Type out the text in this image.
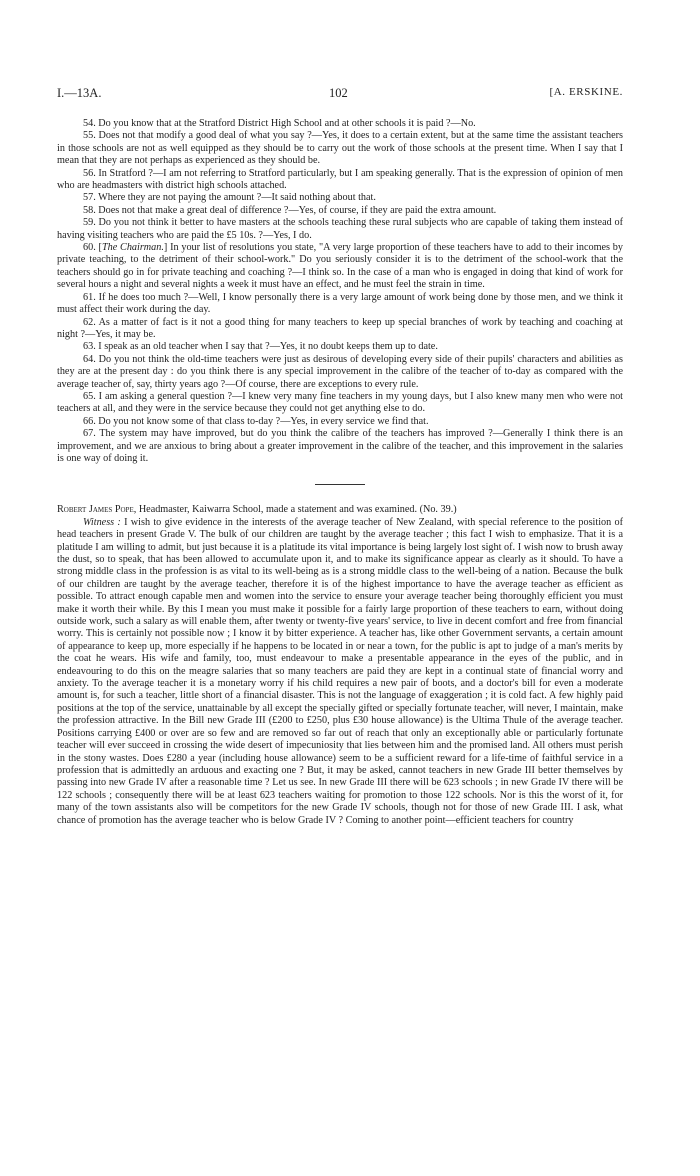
I.—13A.	102	[A. ERSKINE.

54. Do you know that at the Stratford District High School and at other schools it is paid ?—No.

55. Does not that modify a good deal of what you say ?—Yes, it does to a certain extent, but at the same time the assistant teachers in those schools are not as well equipped as they should be to carry out the work of those schools at the present time. When I say that I mean that they are not perhaps as experienced as they should be.

56. In Stratford ?—I am not referring to Stratford particularly, but I am speaking generally. That is the expression of opinion of men who are headmasters with district high schools attached.

57. Where they are not paying the amount ?—It said nothing about that.

58. Does not that make a great deal of difference ?—Yes, of course, if they are paid the extra amount.

59. Do you not think it better to have masters at the schools teaching these rural subjects who are capable of taking them instead of having visiting teachers who are paid the £5 10s. ?—Yes, I do.

60. [The Chairman.] In your list of resolutions you state, "A very large proportion of these teachers have to add to their incomes by private teaching, to the detriment of their school-work." Do you seriously consider it is to the detriment of the school-work that the teachers should go in for private teaching and coaching ?—I think so. In the case of a man who is engaged in doing that kind of work for several hours a night and several nights a week it must have an effect, and he must feel the strain in time.

61. If he does too much ?—Well, I know personally there is a very large amount of work being done by those men, and we think it must affect their work during the day.

62. As a matter of fact is it not a good thing for many teachers to keep up special branches of work by teaching and coaching at night ?—Yes, it may be.

63. I speak as an old teacher when I say that ?—Yes, it no doubt keeps them up to date.

64. Do you not think the old-time teachers were just as desirous of developing every side of their pupils' characters and abilities as they are at the present day : do you think there is any special improvement in the calibre of the teacher of to-day as compared with the average teacher of, say, thirty years ago ?—Of course, there are exceptions to every rule.

65. I am asking a general question ?—I knew very many fine teachers in my young days, but I also knew many men who were not teachers at all, and they were in the service because they could not get anything else to do.

66. Do you not know some of that class to-day ?—Yes, in every service we find that.

67. The system may have improved, but do you think the calibre of the teachers has improved ?—Generally I think there is an improvement, and we are anxious to bring about a greater improvement in the calibre of the teacher, and this improvement in the salaries is one way of doing it.

Robert James Pope, Headmaster, Kaiwarra School, made a statement and was examined. (No. 39.)

Witness : I wish to give evidence in the interests of the average teacher of New Zealand, with special reference to the position of head teachers in present Grade V. The bulk of our children are taught by the average teacher ; this fact I wish to emphasize. That it is a platitude I am willing to admit, but just because it is a platitude its vital importance is being largely lost sight of. I wish now to brush away the dust, so to speak, that has been allowed to accumulate upon it, and to make its significance appear as clearly as it should. To have a strong middle class in the profession is as vital to its well-being as is a strong middle class to the well-being of a nation. Because the bulk of our children are taught by the average teacher, therefore it is of the highest importance to have the average teacher as efficient as possible. To attract enough capable men and women into the service to ensure your average teacher being thoroughly efficient you must make it worth their while. By this I mean you must make it possible for a fairly large proportion of these teachers to earn, without doing outside work, such a salary as will enable them, after twenty or twenty-five years' service, to live in decent comfort and free from financial worry. This is certainly not possible now ; I know it by bitter experience. A teacher has, like other Government servants, a certain amount of appearance to keep up, more especially if he happens to be located in or near a town, for the public is apt to judge of a man's merits by the coat he wears. His wife and family, too, must endeavour to make a presentable appearance in the eyes of the public, and in endeavouring to do this on the meagre salaries that so many teachers are paid they are kept in a continual state of financial worry and anxiety. To the average teacher it is a monetary worry if his child requires a new pair of boots, and a doctor's bill for even a moderate amount is, for such a teacher, little short of a financial disaster. This is not the language of exaggeration ; it is cold fact. A few highly paid positions at the top of the service, unattainable by all except the specially gifted or specially fortunate teacher, will never, I maintain, make the profession attractive. In the Bill new Grade III (£200 to £250, plus £30 house allowance) is the Ultima Thule of the average teacher. Positions carrying £400 or over are so few and are removed so far out of reach that only an exceptionally able or particularly fortunate teacher will ever succeed in crossing the wide desert of impecuniosity that lies between him and the promised land. All others must perish in the stony wastes. Does £280 a year (including house allowance) seem to be a sufficient reward for a life-time of faithful service in a profession that is admittedly an arduous and exacting one ? But, it may be asked, cannot teachers in new Grade III better themselves by passing into new Grade IV after a reasonable time ? Let us see. In new Grade III there will be 623 schools ; in new Grade IV there will be 122 schools ; consequently there will be at least 623 teachers waiting for promotion to those 122 schools. Nor is this the worst of it, for many of the town assistants also will be competitors for the new Grade IV schools, though not for those of new Grade III. I ask, what chance of promotion has the average teacher who is below Grade IV ? Coming to another point—efficient teachers for country
